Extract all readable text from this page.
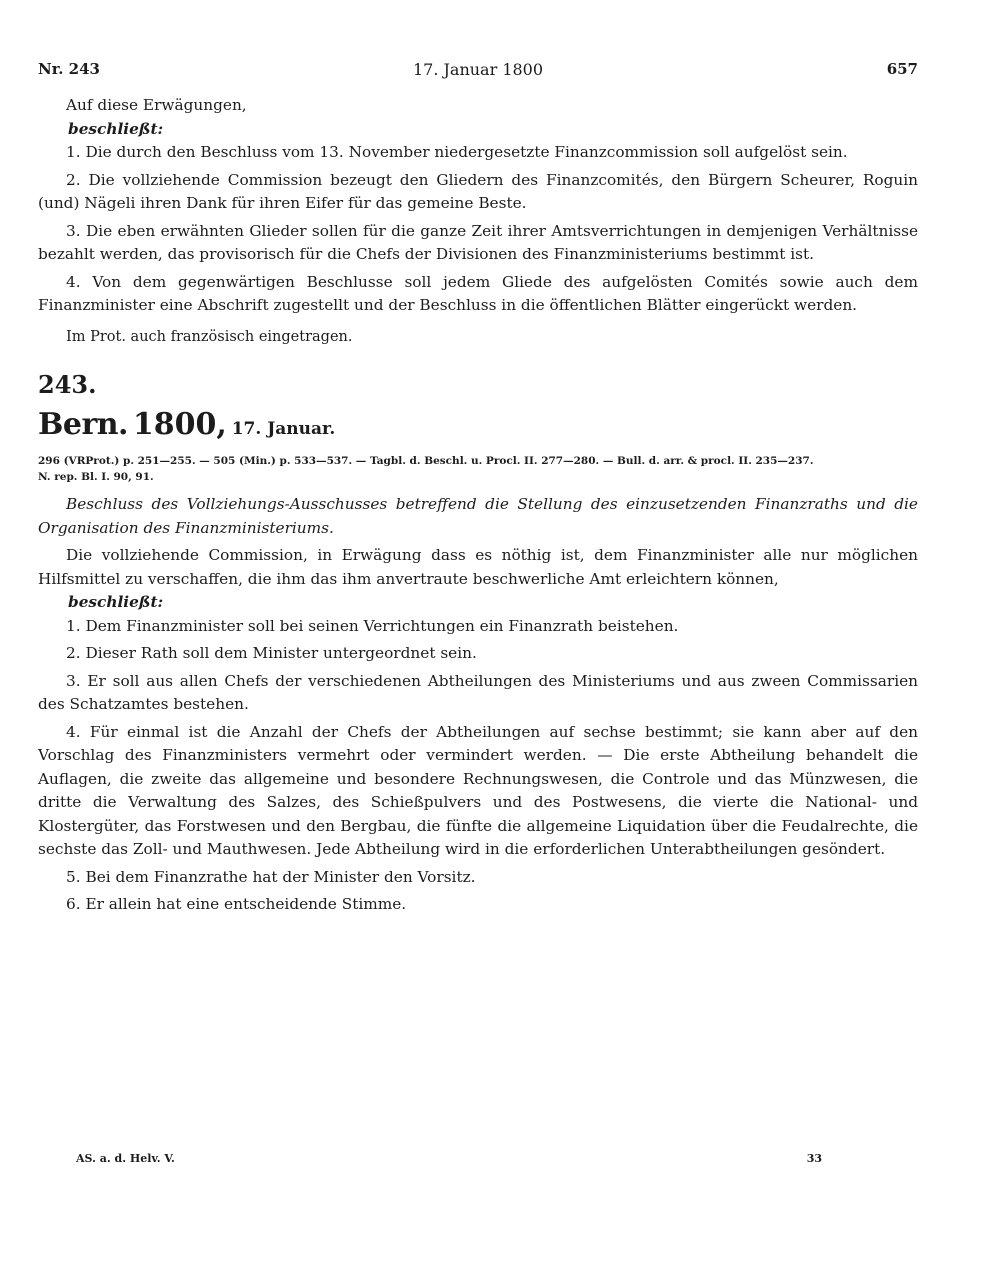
Nr. 243	17. Januar 1800	657

Auf diese Erwägungen,

beschließt:

1. Die durch den Beschluss vom 13. November niedergesetzte Finanzcommission soll aufgelöst sein.

2. Die vollziehende Commission bezeugt den Gliedern des Finanzcomités, den Bürgern Scheurer, Roguin (und) Nägeli ihren Dank für ihren Eifer für das gemeine Beste.

3. Die eben erwähnten Glieder sollen für die ganze Zeit ihrer Amtsverrichtungen in demjenigen Verhältnisse bezahlt werden, das provisorisch für die Chefs der Divisionen des Finanzministeriums bestimmt ist.

4. Von dem gegenwärtigen Beschlusse soll jedem Gliede des aufgelösten Comités sowie auch dem Finanzminister eine Abschrift zugestellt und der Beschluss in die öffentlichen Blätter eingerückt werden.

Im Prot. auch französisch eingetragen.

243.

Bern. 1800, 17. Januar.

296 (VRProt.) p. 251—255. — 505 (Min.) p. 533—537. — Tagbl. d. Beschl. u. Procl. II. 277—280. — Bull. d. arr. & procl. II. 235—237.
N. rep. Bl. I. 90, 91.

Beschluss des Vollziehungs-Ausschusses betreffend die Stellung des einzusetzenden Finanzraths und die Organisation des Finanzministeriums.

Die vollziehende Commission, in Erwägung dass es nöthig ist, dem Finanzminister alle nur möglichen Hilfsmittel zu verschaffen, die ihm das ihm anvertraute beschwerliche Amt erleichtern können,

beschließt:

1. Dem Finanzminister soll bei seinen Verrichtungen ein Finanzrath beistehen.

2. Dieser Rath soll dem Minister untergeordnet sein.

3. Er soll aus allen Chefs der verschiedenen Abtheilungen des Ministeriums und aus zween Commissarien des Schatzamtes bestehen.

4. Für einmal ist die Anzahl der Chefs der Abtheilungen auf sechse bestimmt; sie kann aber auf den Vorschlag des Finanzministers vermehrt oder vermindert werden. — Die erste Abtheilung behandelt die Auflagen, die zweite das allgemeine und besondere Rechnungswesen, die Controle und das Münzwesen, die dritte die Verwaltung des Salzes, des Schießpulvers und des Postwesens, die vierte die National- und Klostergüter, das Forstwesen und den Bergbau, die fünfte die allgemeine Liquidation über die Feudalrechte, die sechste das Zoll- und Mauthwesen. Jede Abtheilung wird in die erforderlichen Unterabtheilungen gesöndert.

5. Bei dem Finanzrathe hat der Minister den Vorsitz.

6. Er allein hat eine entscheidende Stimme.

AS. a. d. Helv. V.	33
